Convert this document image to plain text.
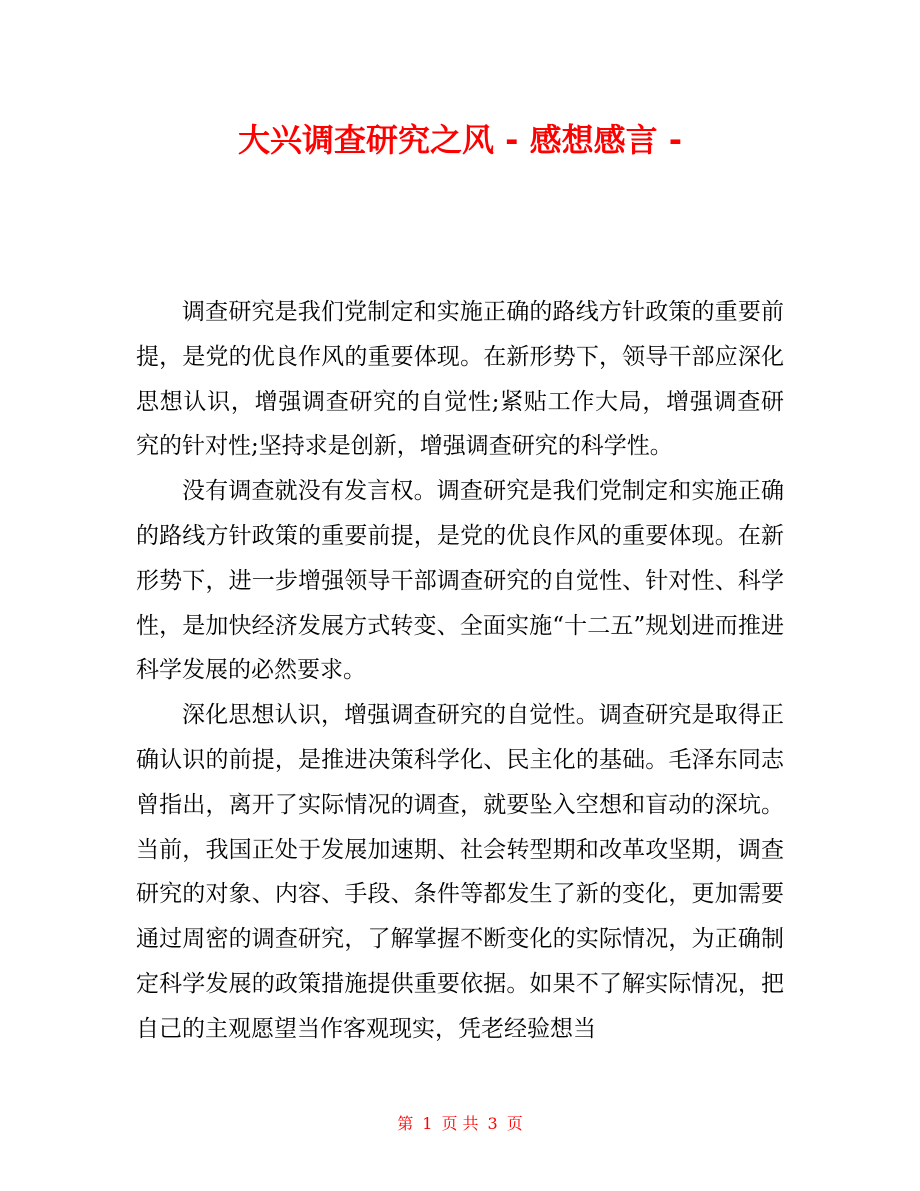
大兴调查研究之风 - 感想感言 -

调查研究是我们党制定和实施正确的路线方针政策的重要前提，是党的优良作风的重要体现。在新形势下，领导干部应深化思想认识，增强调查研究的自觉性;紧贴工作大局，增强调查研究的针对性;坚持求是创新，增强调查研究的科学性。

没有调查就没有发言权。调查研究是我们党制定和实施正确的路线方针政策的重要前提，是党的优良作风的重要体现。在新形势下，进一步增强领导干部调查研究的自觉性、针对性、科学性，是加快经济发展方式转变、全面实施“十二五”规划进而推进科学发展的必然要求。

深化思想认识，增强调查研究的自觉性。调查研究是取得正确认识的前提，是推进决策科学化、民主化的基础。毛泽东同志曾指出，离开了实际情况的调查，就要坠入空想和盲动的深坑。当前，我国正处于发展加速期、社会转型期和改革攻坚期，调查研究的对象、内容、手段、条件等都发生了新的变化，更加需要通过周密的调查研究，了解掌握不断变化的实际情况，为正确制定科学发展的政策措施提供重要依据。如果不了解实际情况，把自己的主观愿望当作客观现实，凭老经验想当

第 1 页 共 3 页
